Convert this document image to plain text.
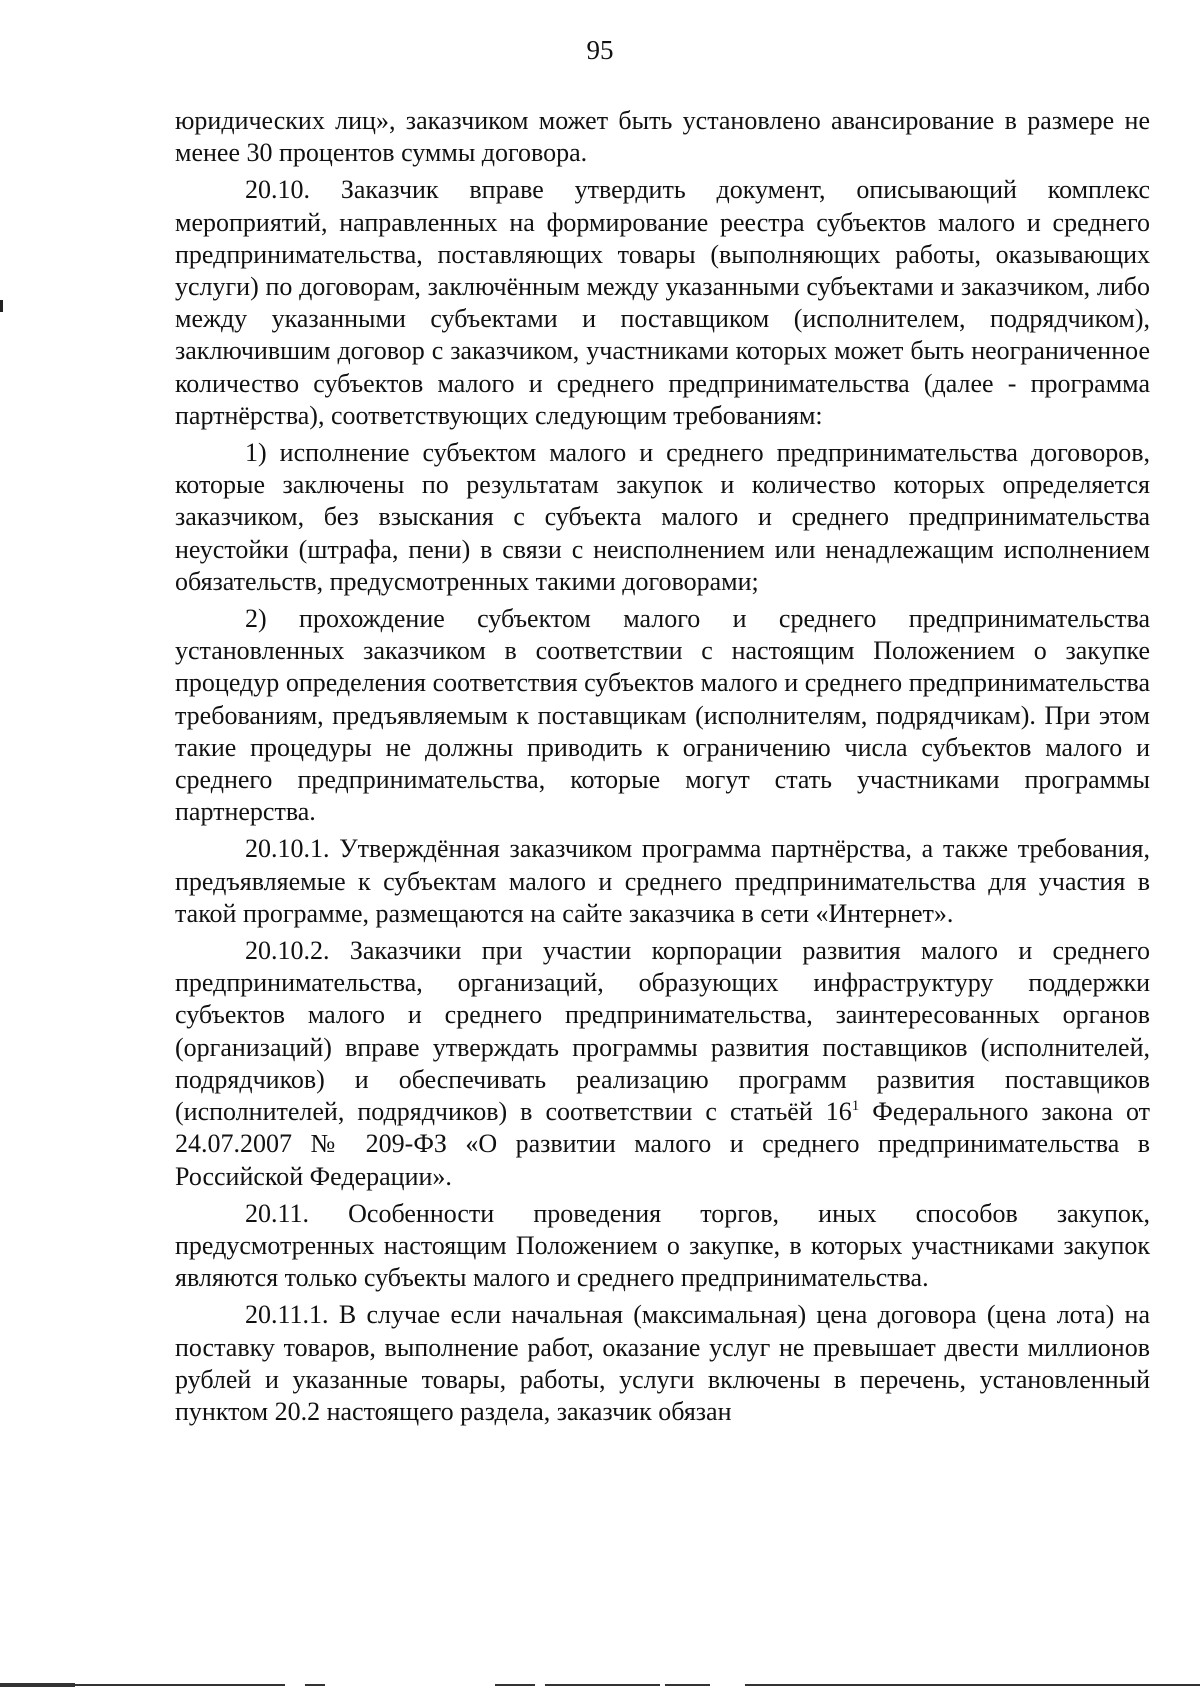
95

юридических лиц», заказчиком может быть установлено авансирование в размере не менее 30 процентов суммы договора.

20.10. Заказчик вправе утвердить документ, описывающий комплекс мероприятий, направленных на формирование реестра субъектов малого и среднего предпринимательства, поставляющих товары (выполняющих работы, оказывающих услуги) по договорам, заключённым между указанными субъектами и заказчиком, либо между указанными субъектами и поставщиком (исполнителем, подрядчиком), заключившим договор с заказчиком, участниками которых может быть неограниченное количество субъектов малого и среднего предпринимательства (далее - программа партнёрства), соответствующих следующим требованиям:

1) исполнение субъектом малого и среднего предпринимательства договоров, которые заключены по результатам закупок и количество которых определяется заказчиком, без взыскания с субъекта малого и среднего предпринимательства неустойки (штрафа, пени) в связи с неисполнением или ненадлежащим исполнением обязательств, предусмотренных такими договорами;

2) прохождение субъектом малого и среднего предпринимательства установленных заказчиком в соответствии с настоящим Положением о закупке процедур определения соответствия субъектов малого и среднего предпринимательства требованиям, предъявляемым к поставщикам (исполнителям, подрядчикам). При этом такие процедуры не должны приводить к ограничению числа субъектов малого и среднего предпринимательства, которые могут стать участниками программы партнерства.

20.10.1. Утверждённая заказчиком программа партнёрства, а также требования, предъявляемые к субъектам малого и среднего предпринимательства для участия в такой программе, размещаются на сайте заказчика в сети «Интернет».

20.10.2. Заказчики при участии корпорации развития малого и среднего предпринимательства, организаций, образующих инфраструктуру поддержки субъектов малого и среднего предпринимательства, заинтересованных органов (организаций) вправе утверждать программы развития поставщиков (исполнителей, подрядчиков) и обеспечивать реализацию программ развития поставщиков (исполнителей, подрядчиков) в соответствии с статьёй $16^1$ Федерального закона от 24.07.2007 № 209-ФЗ «О развитии малого и среднего предпринимательства в Российской Федерации».

20.11. Особенности проведения торгов, иных способов закупок, предусмотренных настоящим Положением о закупке, в которых участниками закупок являются только субъекты малого и среднего предпринимательства.

20.11.1. В случае если начальная (максимальная) цена договора (цена лота) на поставку товаров, выполнение работ, оказание услуг не превышает двести миллионов рублей и указанные товары, работы, услуги включены в перечень, установленный пунктом 20.2 настоящего раздела, заказчик обязан
